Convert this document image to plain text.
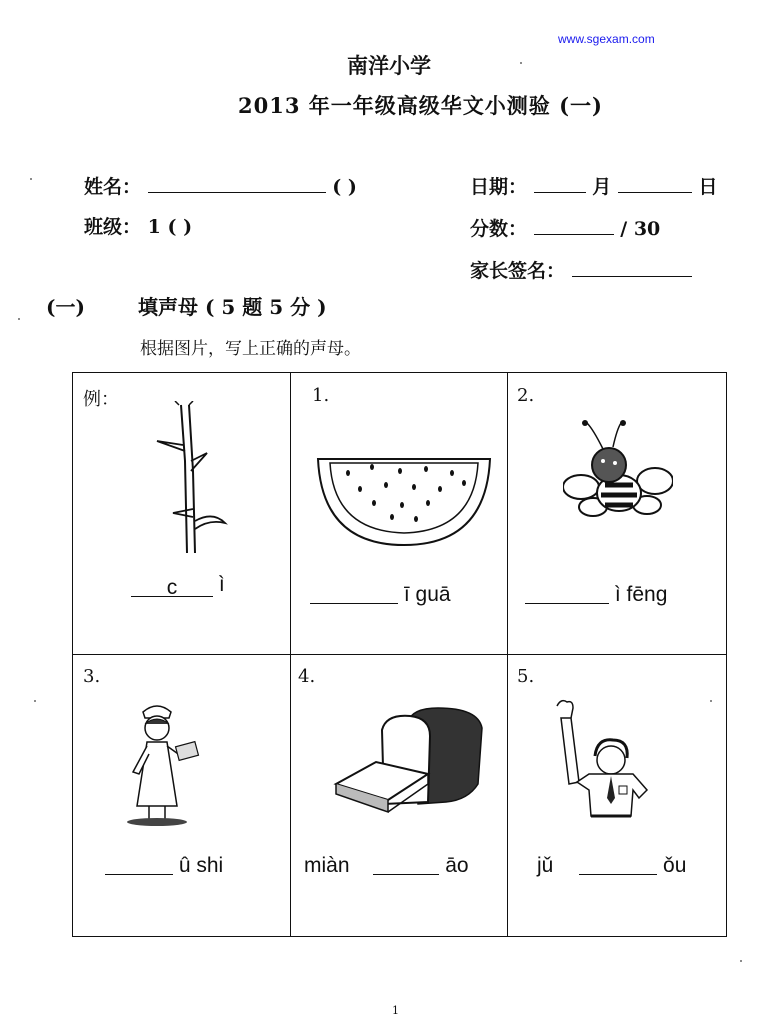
www.sgexam.com
南洋小学
2013 年一年级高级华文小测验 (一)
姓名：	( )	日期：	月	日
班级： 1 ( )	分数：	/ 30
家长签名：
(一)	填声母 ( 5 题 5 分 )
根据图片，写上正确的声母。
例：
c ì
1.
ī guā
2.
ì fēng
3.
û shi
4.
miàn	āo
5.
jǔ	ǒu
1
